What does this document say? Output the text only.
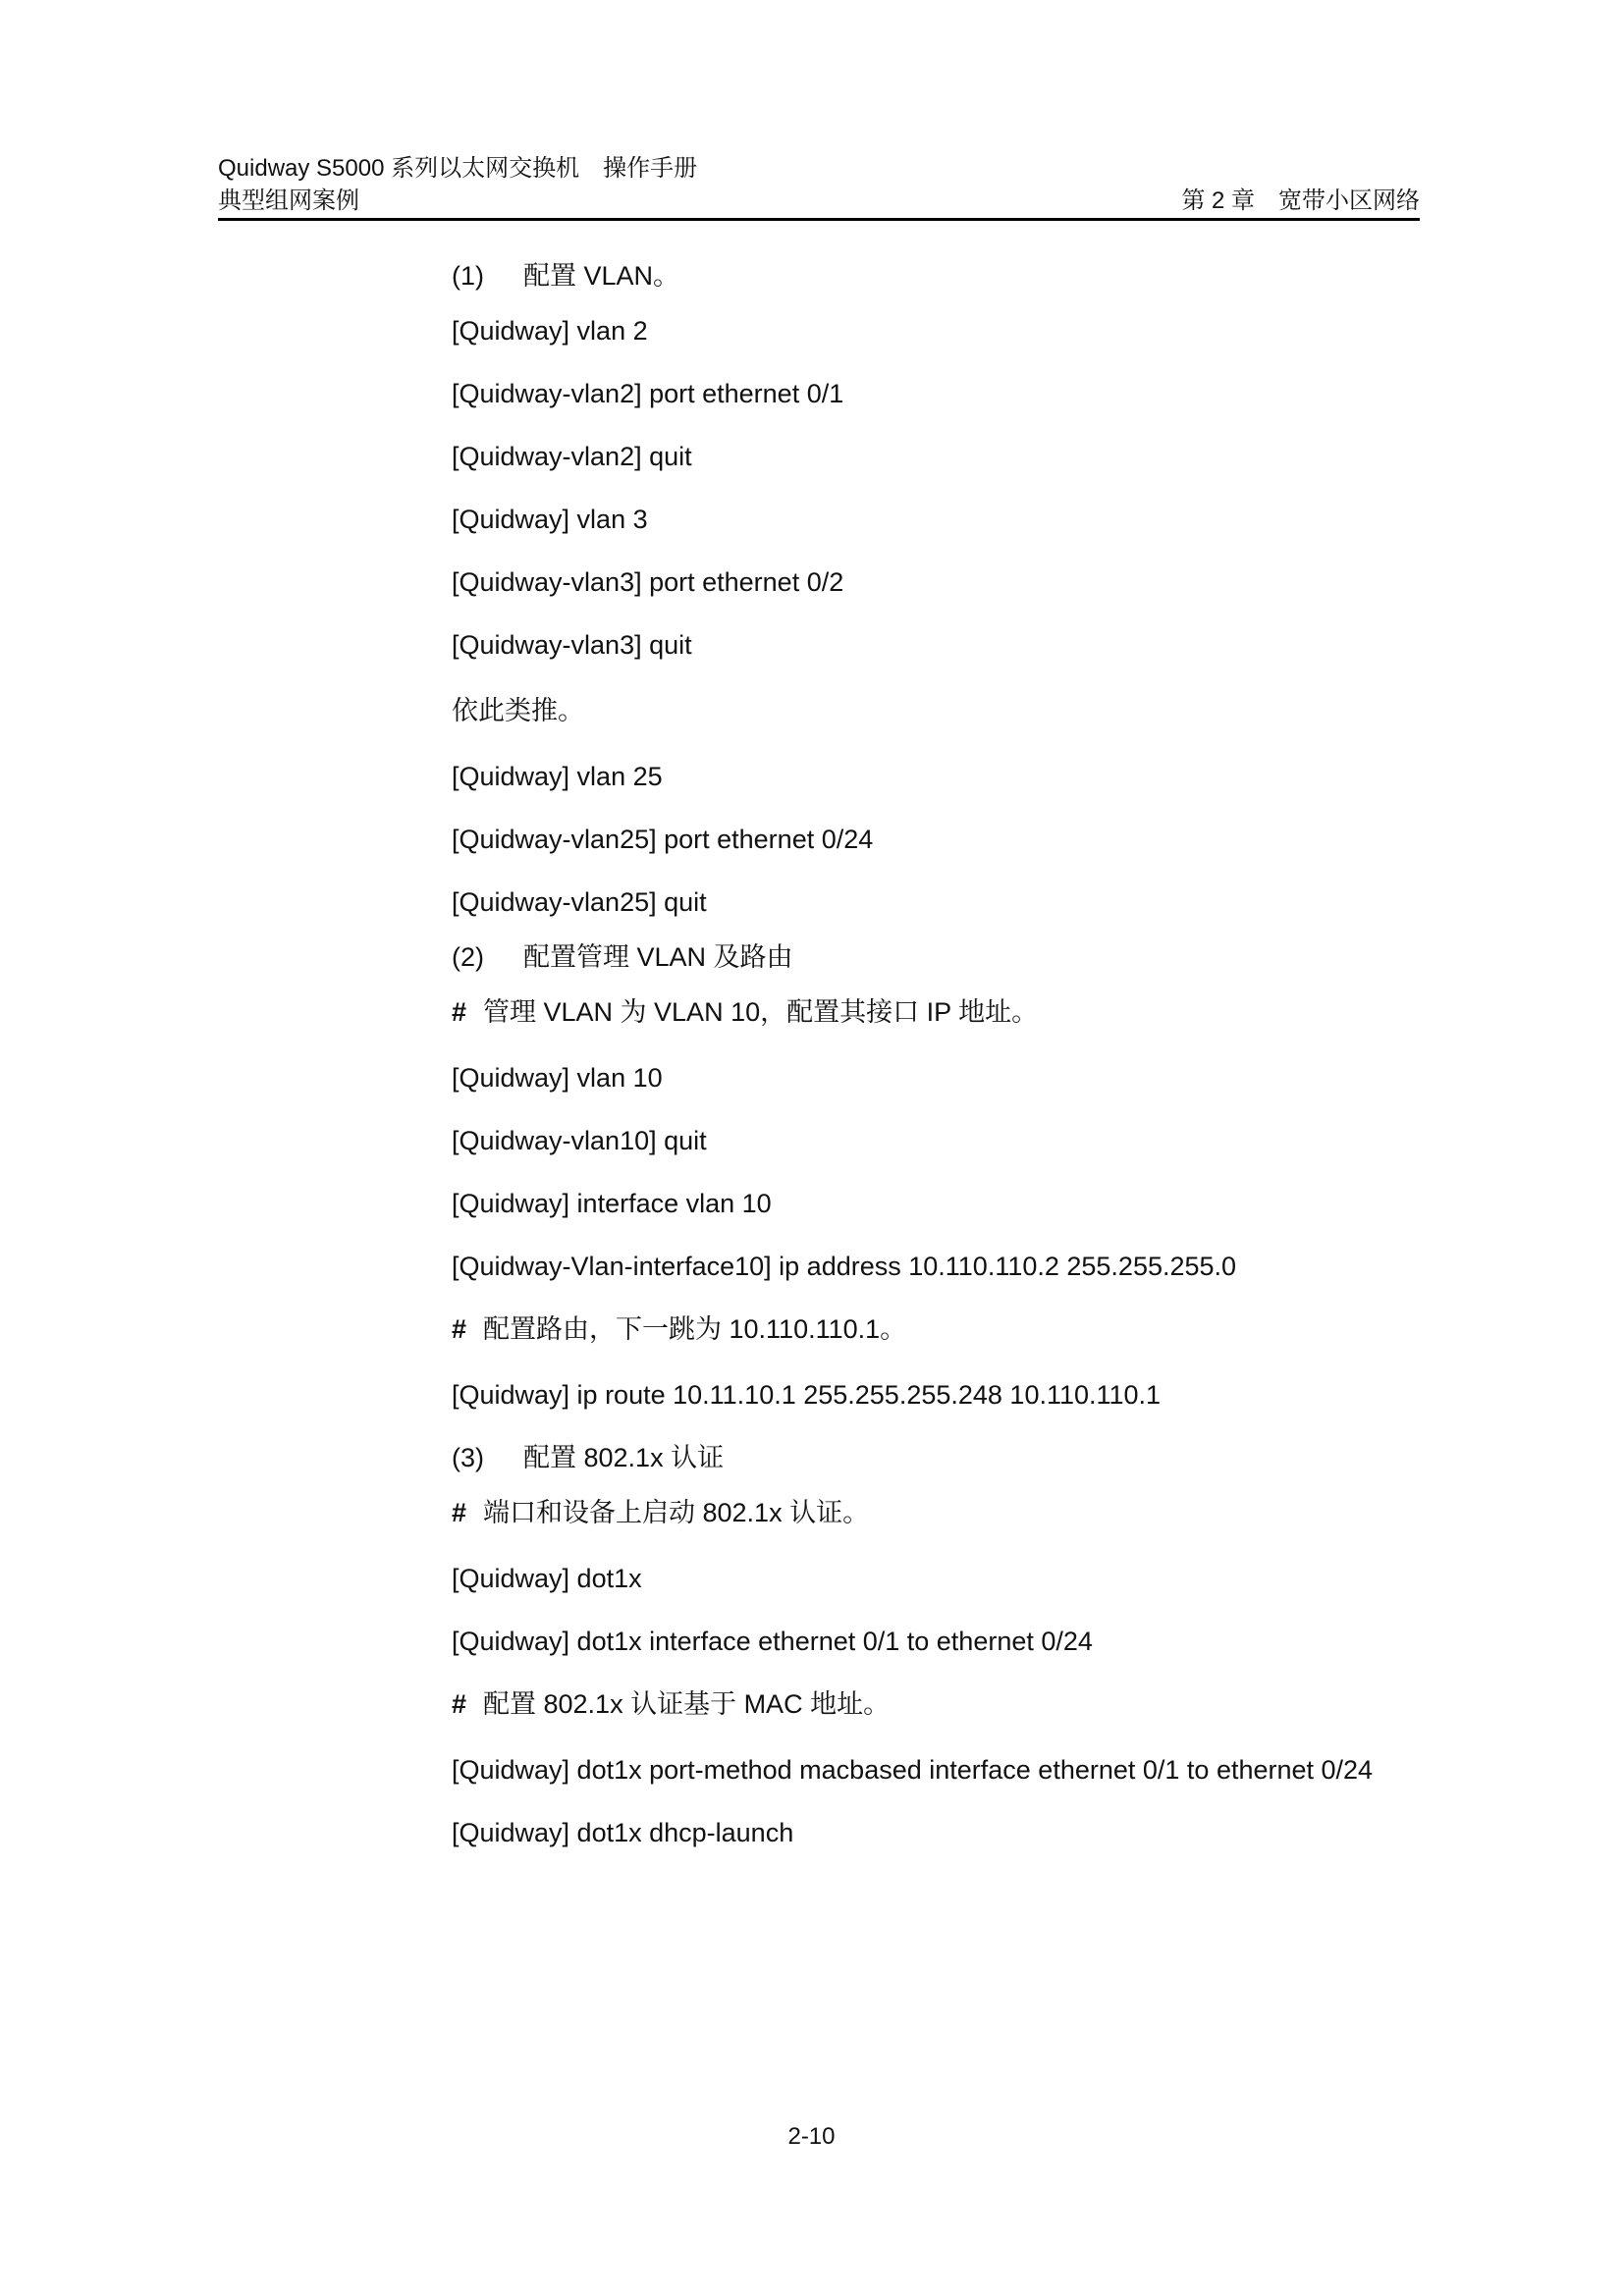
Quidway S5000 系列以太网交换机　操作手册
典型组网案例	第 2 章　宽带小区网络

(1)	配置 VLAN。

[Quidway] vlan 2

[Quidway-vlan2] port ethernet 0/1

[Quidway-vlan2] quit

[Quidway] vlan 3

[Quidway-vlan3] port ethernet 0/2

[Quidway-vlan3] quit

依此类推。

[Quidway] vlan 25

[Quidway-vlan25] port ethernet 0/24

[Quidway-vlan25] quit

(2)	配置管理 VLAN 及路由

# 管理 VLAN 为 VLAN 10，配置其接口 IP 地址。

[Quidway] vlan 10

[Quidway-vlan10] quit

[Quidway] interface vlan 10

[Quidway-Vlan-interface10] ip address 10.110.110.2 255.255.255.0

# 配置路由，下一跳为 10.110.110.1。

[Quidway] ip route 10.11.10.1 255.255.255.248 10.110.110.1

(3)	配置 802.1x 认证

# 端口和设备上启动 802.1x 认证。

[Quidway] dot1x

[Quidway] dot1x interface ethernet 0/1 to ethernet 0/24

# 配置 802.1x 认证基于 MAC 地址。

[Quidway] dot1x port-method macbased interface ethernet 0/1 to ethernet 0/24

[Quidway] dot1x dhcp-launch

2-10
